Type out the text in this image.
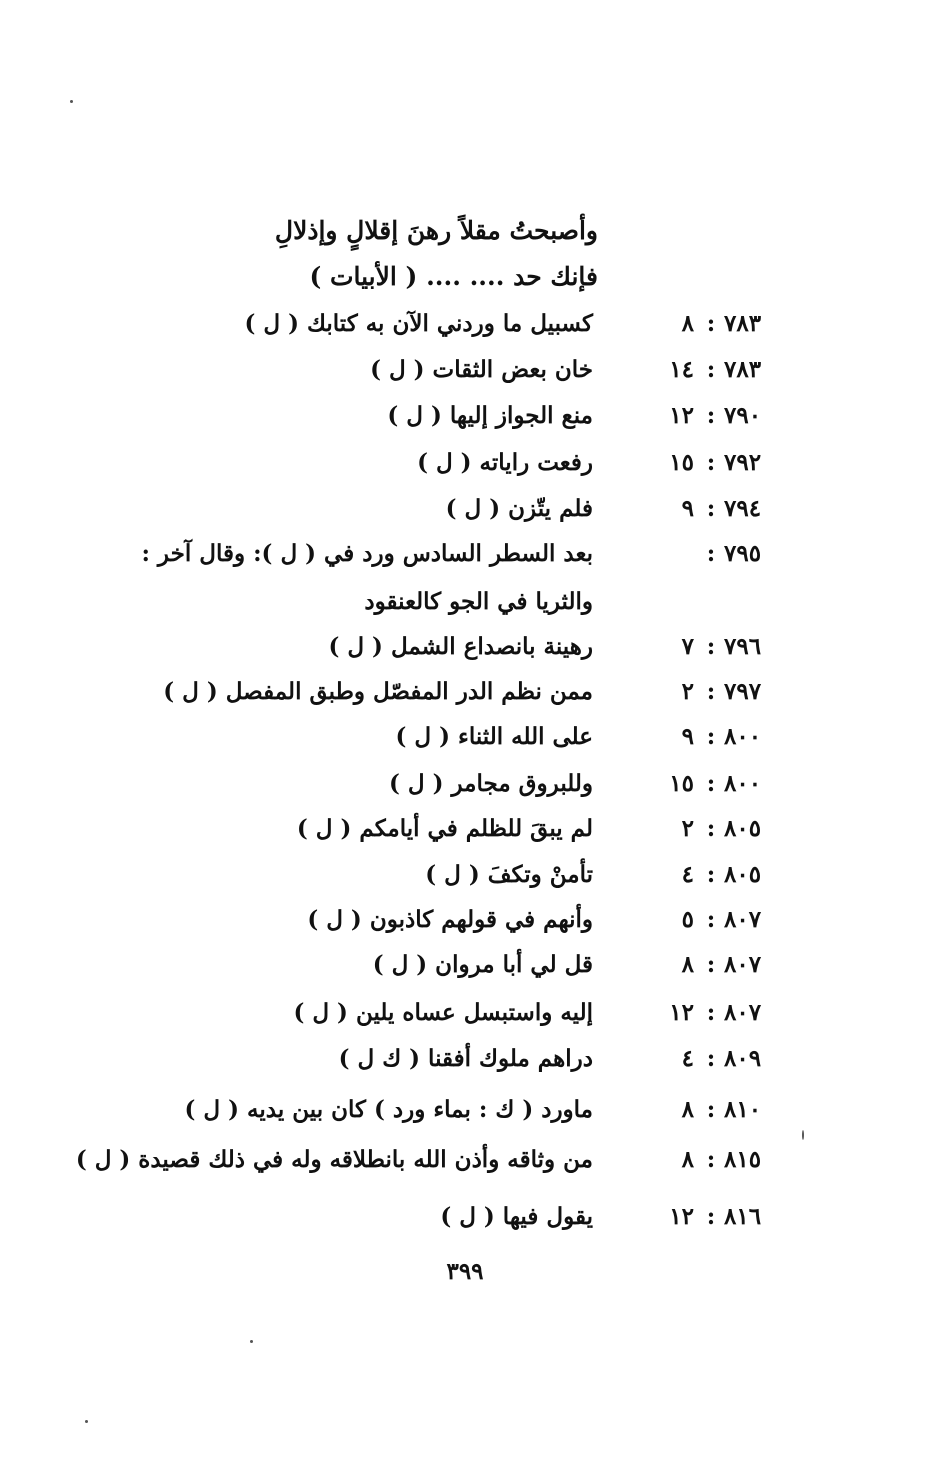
وأصبحتُ مقلاً رهنَ إقلالٍ وإذلالِ
فإنك حد .... .... ( الأبيات )
٨ : ٧٨٣
كسبيل ما وردني الآن به كتابك ( ل )
١٤ : ٧٨٣
خان بعض الثقات ( ل )
١٢ : ٧٩٠
منع الجواز إليها ( ل )
١٥ : ٧٩٢
رفعت راياته ( ل )
٩ : ٧٩٤
فلم يتّزن ( ل )
: ٧٩٥
بعد السطر السادس ورد في ( ل ): وقال آخر :
والثريا في الجو كالعنقود
٧ : ٧٩٦
رهينة بانصداع الشمل ( ل )
٢ : ٧٩٧
ممن نظم الدر المفصّل وطبق المفصل ( ل )
٩ : ٨٠٠
على الله الثناء ( ل )
١٥ : ٨٠٠
وللبروق مجامر ( ل )
٢ : ٨٠٥
لم يبقَ للظلم في أيامكم ( ل )
٤ : ٨٠٥
تأمنْ وتكفَ ( ل )
٥ : ٨٠٧
وأنهم في قولهم كاذبون ( ل )
٨ : ٨٠٧
قل لي أبا مروان ( ل )
١٢ : ٨٠٧
إليه واستبسل عساه يلين ( ل )
٤ : ٨٠٩
دراهم ملوك أفقنا ( ك ل )
٨ : ٨١٠
ماورد ( ك : بماء ورد ) كان بين يديه ( ل )
٨ : ٨١٥
من وثاقه وأذن الله بانطلاقه وله في ذلك قصيدة ( ل )
١٢ : ٨١٦
يقول فيها ( ل )
٣٩٩
